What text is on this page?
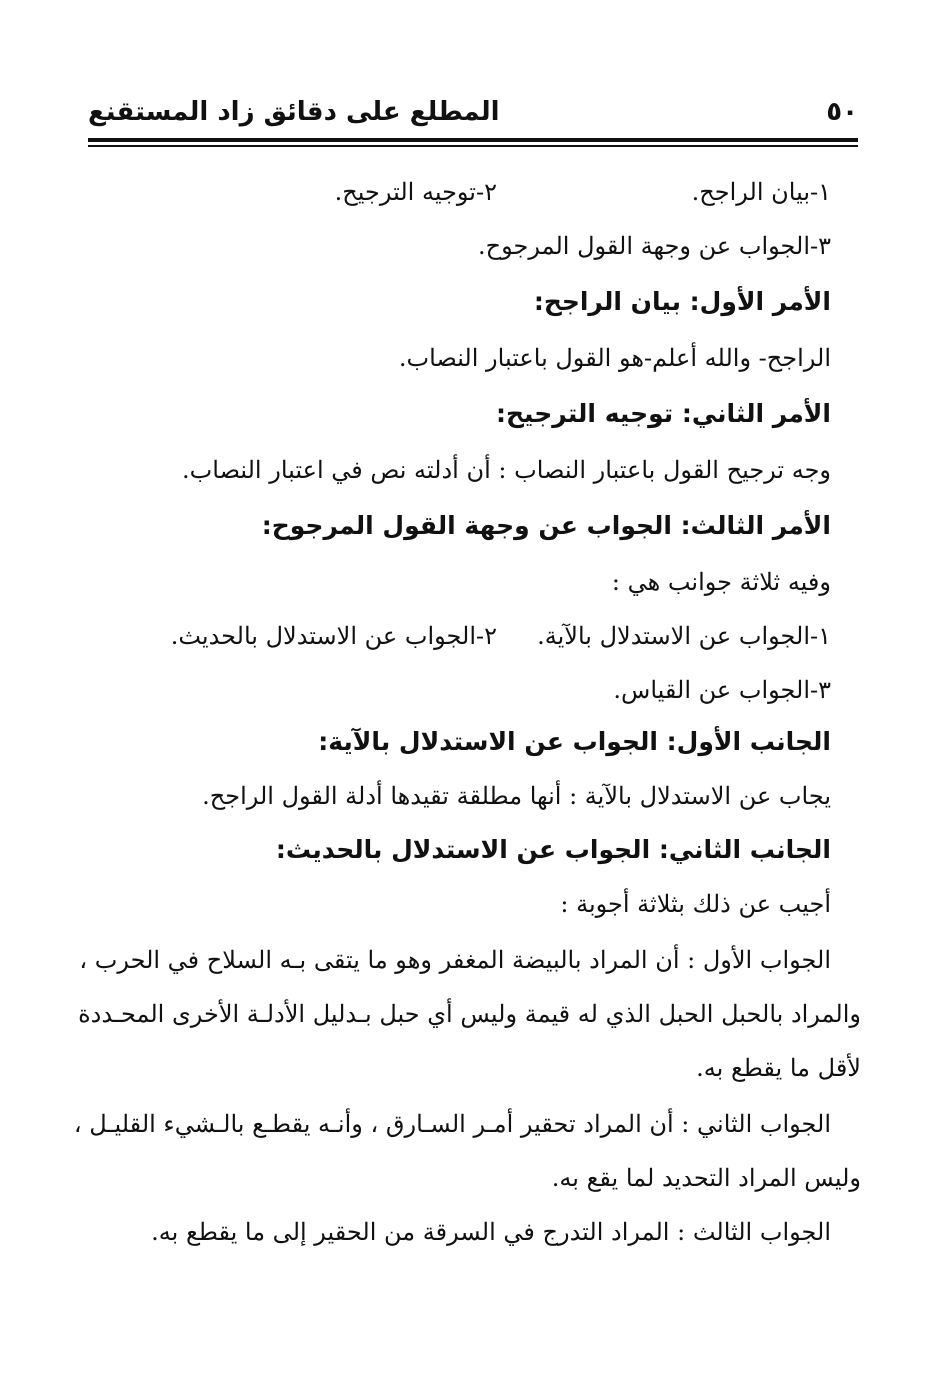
٥٠
المطلع على دقائق زاد المستقنع
١-بيان الراجح.
٢-توجيه الترجيح.
٣-الجواب عن وجهة القول المرجوح.
الأمر الأول: بيان الراجح:
الراجح- والله أعلم-هو القول باعتبار النصاب.
الأمر الثاني: توجيه الترجيح:
وجه ترجيح القول باعتبار النصاب : أن أدلته نص في اعتبار النصاب.
الأمر الثالث: الجواب عن وجهة القول المرجوح:
وفيه ثلاثة جوانب هي :
١-الجواب عن الاستدلال بالآية.
٢-الجواب عن الاستدلال بالحديث.
٣-الجواب عن القياس.
الجانب الأول: الجواب عن الاستدلال بالآية:
يجاب عن الاستدلال بالآية : أنها مطلقة تقيدها أدلة القول الراجح.
الجانب الثاني: الجواب عن الاستدلال بالحديث:
أجيب عن ذلك بثلاثة أجوبة :
الجواب الأول : أن المراد بالبيضة المغفر وهو ما يتقى بـه السلاح في الحرب ،
والمراد بالحبل الحبل الذي له قيمة وليس أي حبل بـدليل الأدلـة الأخرى المحـددة
لأقل ما يقطع به.
الجواب الثاني : أن المراد تحقير أمـر السـارق ، وأنـه يقطـع بالـشيء القليـل ،
وليس المراد التحديد لما يقع به.
الجواب الثالث : المراد التدرج في السرقة من الحقير إلى ما يقطع به.
